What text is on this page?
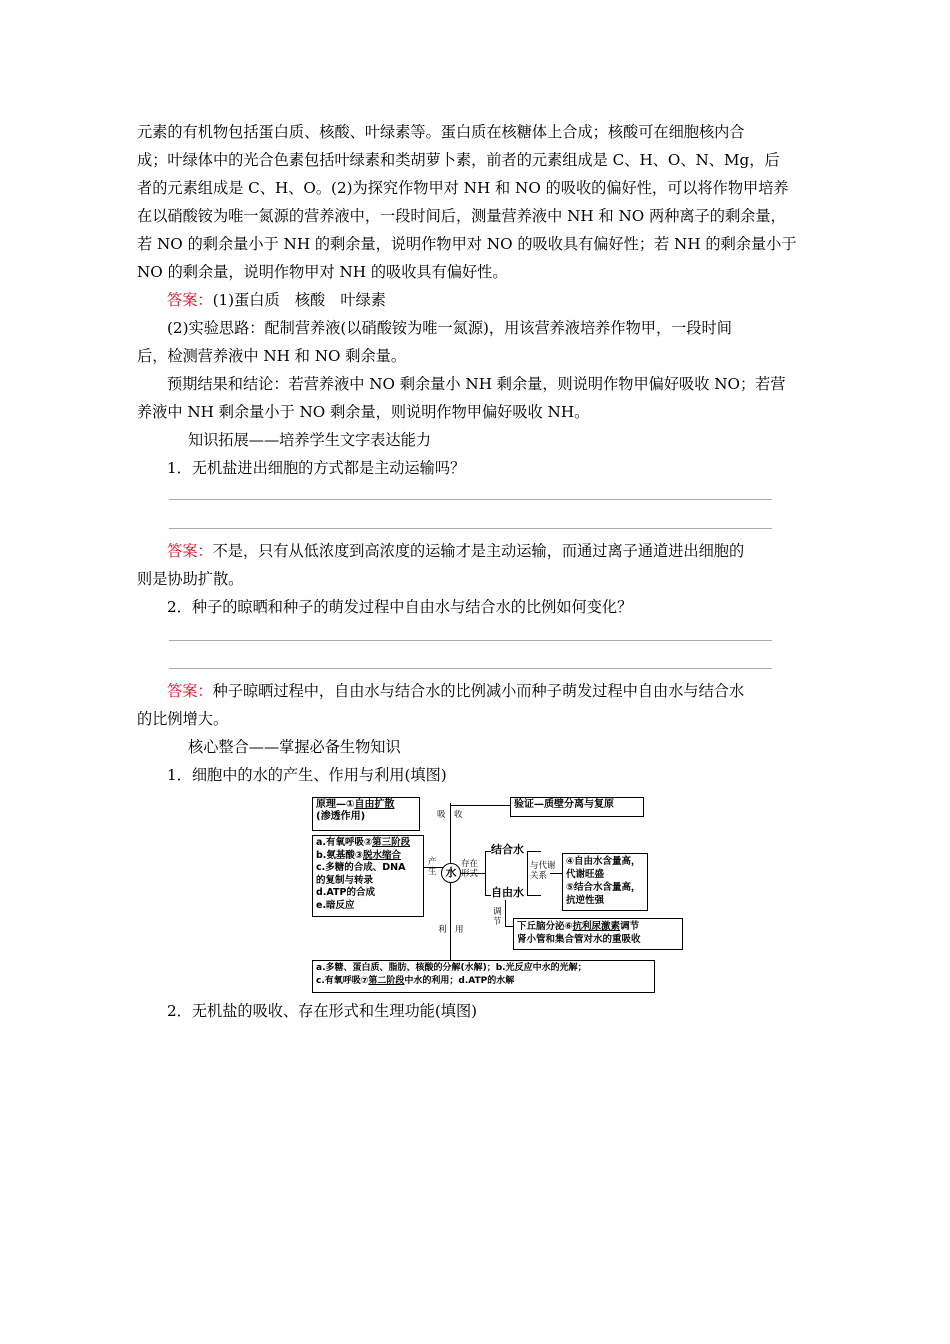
元素的有机物包括蛋白质、核酸、叶绿素等。蛋白质在核糖体上合成；核酸可在细胞核内合
成；叶绿体中的光合色素包括叶绿素和类胡萝卜素，前者的元素组成是 C、H、O、N、Mg，后
者的元素组成是 C、H、O。(2)为探究作物甲对 NH 和 NO 的吸收的偏好性，可以将作物甲培养
在以硝酸铵为唯一氮源的营养液中，一段时间后，测量营养液中 NH 和 NO 两种离子的剩余量，
若 NO 的剩余量小于 NH 的剩余量，说明作物甲对 NO 的吸收具有偏好性；若 NH 的剩余量小于
NO 的剩余量，说明作物甲对 NH 的吸收具有偏好性。
答案：(1)蛋白质　核酸　叶绿素
(2)实验思路：配制营养液(以硝酸铵为唯一氮源)，用该营养液培养作物甲，一段时间
后，检测营养液中 NH 和 NO 剩余量。
预期结果和结论：若营养液中 NO 剩余量小 NH 剩余量，则说明作物甲偏好吸收 NO；若营
养液中 NH 剩余量小于 NO 剩余量，则说明作物甲偏好吸收 NH。
知识拓展——培养学生文字表达能力
1．无机盐进出细胞的方式都是主动运输吗？
答案：不是，只有从低浓度到高浓度的运输才是主动运输，而通过离子通道进出细胞的
则是协助扩散。
2．种子的晾晒和种子的萌发过程中自由水与结合水的比例如何变化？
答案：种子晾晒过程中，自由水与结合水的比例减小而种子萌发过程中自由水与结合水
的比例增大。
核心整合——掌握必备生物知识
1．细胞中的水的产生、作用与利用(填图)
原理—①自由扩散
(渗透作用)	吸　收
验证—质壁分离与复原
a.有氧呼吸②第三阶段
b.氨基酸③脱水缩合
c.多糖的合成、DNA
的复制与转录
d.ATP的合成
e.暗反应
产生 水
存在形式
结合水
自由水
与代谢关系
④自由水含量高，
代谢旺盛
⑤结合水含量高，
抗逆性强
调节 下丘脑分泌⑥抗利尿激素调节
肾小管和集合管对水的重吸收
利　用
a.多糖、蛋白质、脂肪、核酸的分解(水解)；b.光反应中水的光解；
c.有氧呼吸⑦第二阶段中水的利用；d.ATP的水解
2．无机盐的吸收、存在形式和生理功能(填图)
